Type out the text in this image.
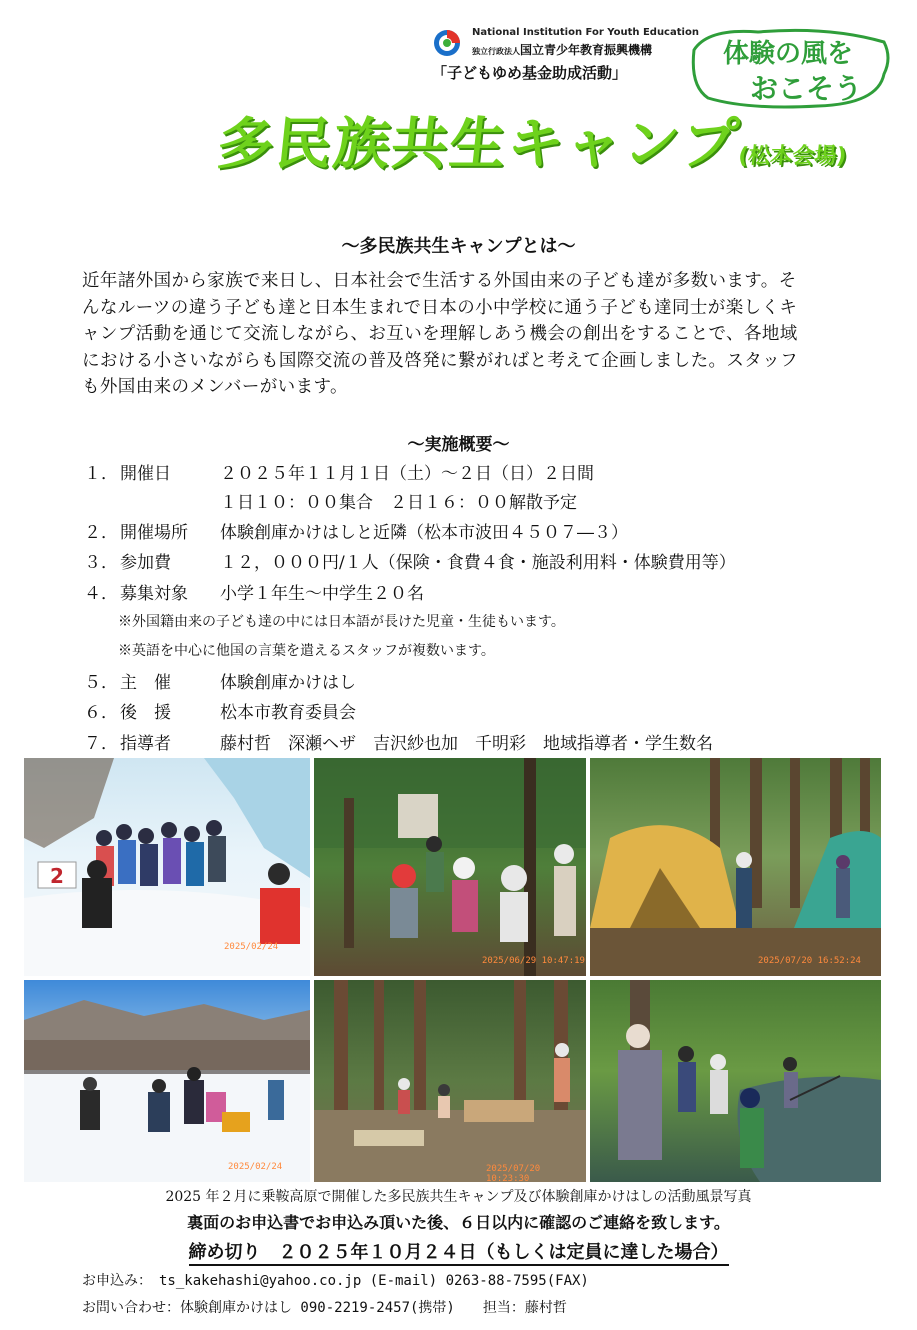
National Institution For Youth Education
独立行政法人国立青少年教育振興機構
「子どもゆめ基金助成活動」
体験の風を
おこそう
多民族共生キャンプ(松本会場)
～多民族共生キャンプとは～
近年諸外国から家族で来日し、日本社会で生活する外国由来の子ども達が多数います。そんなルーツの違う子ども達と日本生まれで日本の小中学校に通う子ども達同士が楽しくキャンプ活動を通じて交流しながら、お互いを理解しあう機会の創出をすることで、各地域における小さいながらも国際交流の普及啓発に繋がればと考えて企画しました。スタッフも外国由来のメンバーがいます。
～実施概要～
１． 開催日	２０２５年１１月１日（土）～２日（日）２日間
１日１０：００集合　２日１６：００解散予定
２． 開催場所 体験創庫かけはしと近隣（松本市波田４５０７―３）
３． 参加費	１２，０００円/１人（保険・食費４食・施設利用料・体験費用等）
４． 募集対象 小学１年生～中学生２０名
※外国籍由来の子ども達の中には日本語が長けた児童・生徒もいます。
※英語を中心に他国の言葉を遣えるスタッフが複数います。
５． 主　催	体験創庫かけはし
６． 後　援	松本市教育委員会
７． 指導者	藤村哲　深瀬ヘザ　吉沢紗也加　千明彩　地域指導者・学生数名
2
2025/02/24
2025/06/29 10:47:19	2025/07/20 16:52:24
2025/02/24	2025/07/20 10:23:30
2025 年２月に乗鞍高原で開催した多民族共生キャンプ及び体験創庫かけはしの活動風景写真
裏面のお申込書でお申込み頂いた後、６日以内に確認のご連絡を致します。
締め切り　２０２５年１０月２４日（もしくは定員に達した場合）
お申込み：　ts_kakehashi@yahoo.co.jp (E-mail) 0263-88-7595(FAX)
お問い合わせ：体験創庫かけはし 090-2219-2457(携帯)　　担当：藤村哲
